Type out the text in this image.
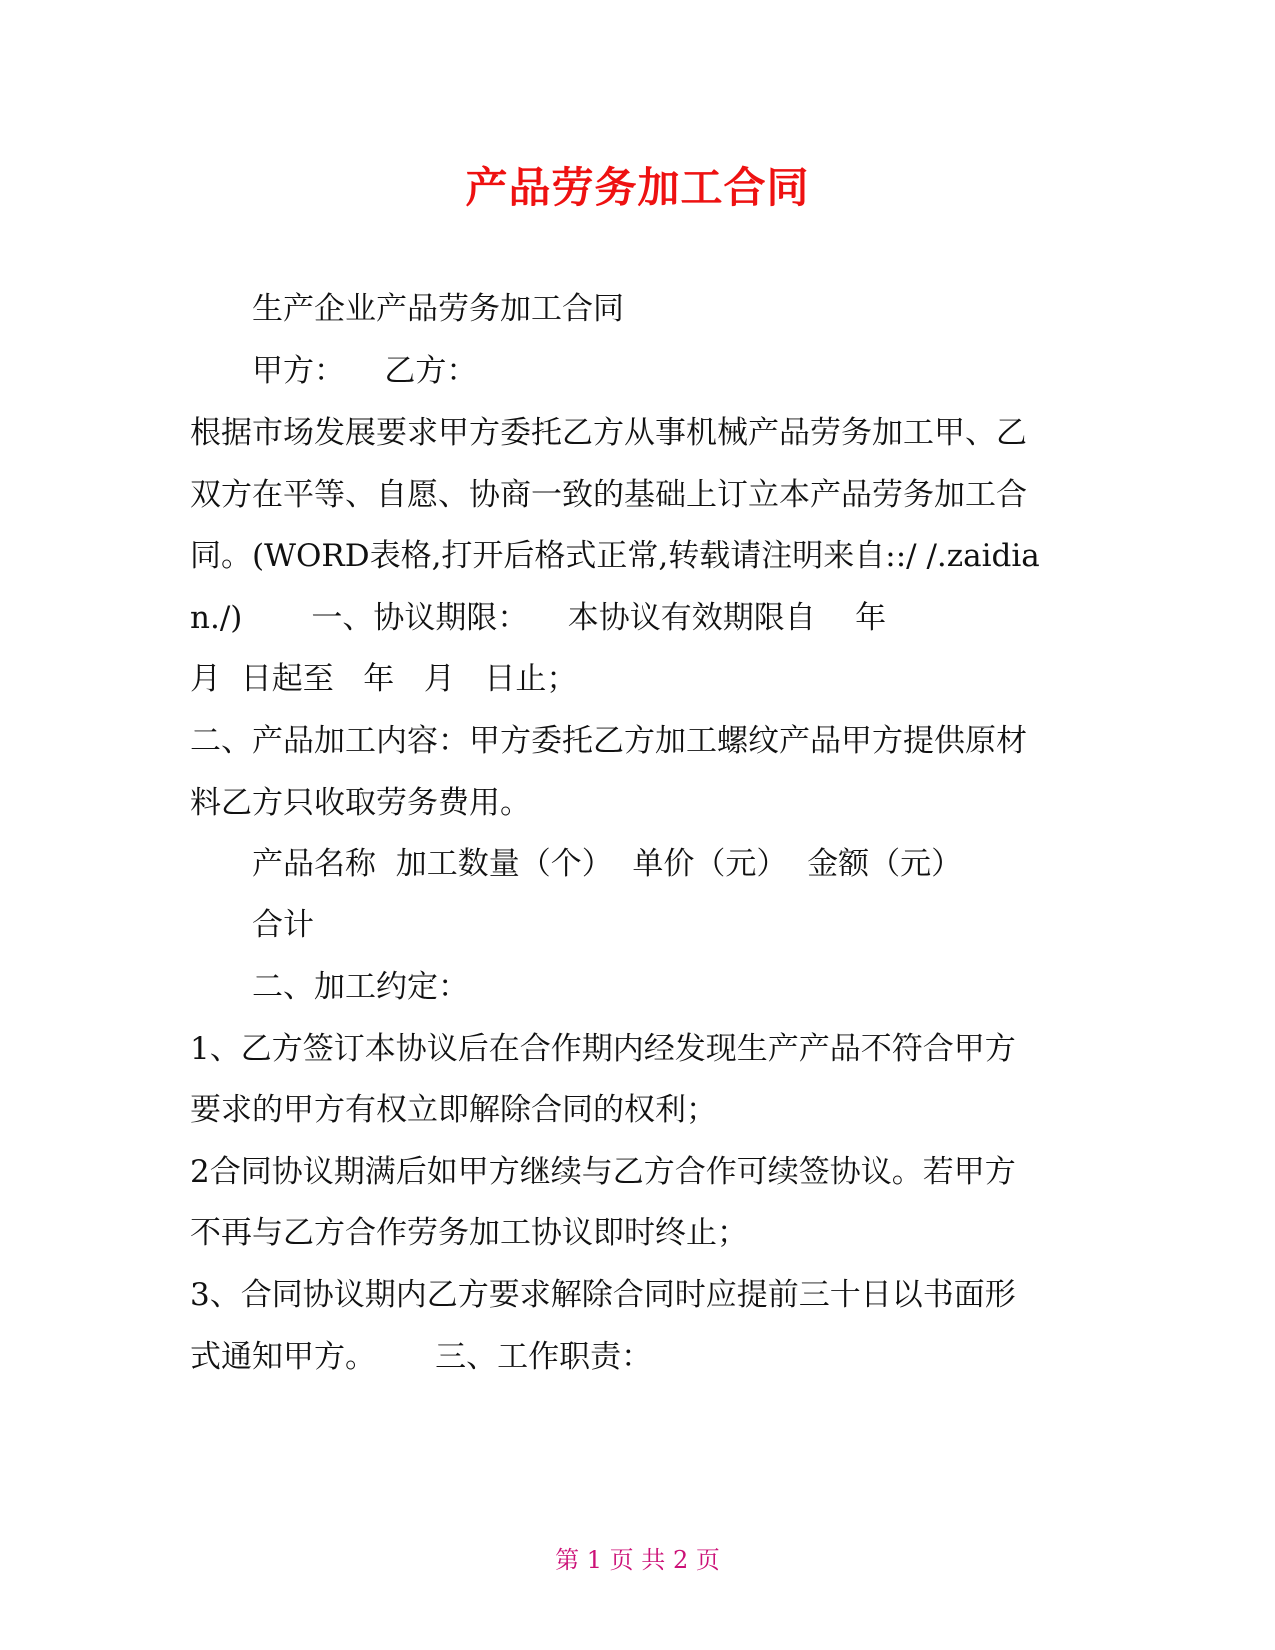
产品劳务加工合同
生产企业产品劳务加工合同
甲方：    乙方：
根据市场发展要求甲方委托乙方从事机械产品劳务加工甲、乙
双方在平等、自愿、协商一致的基础上订立本产品劳务加工合
同。(WORD表格,打开后格式正常,转载请注明来自::/ /.zaidia
n./)       一、协议期限：    本协议有效期限自    年
月  日起至   年   月   日止；
二、产品加工内容：甲方委托乙方加工螺纹产品甲方提供原材
料乙方只收取劳务费用。
产品名称  加工数量（个）  单价（元）  金额（元）
合计
二、加工约定：
1、乙方签订本协议后在合作期内经发现生产产品不符合甲方
要求的甲方有权立即解除合同的权利；
2合同协议期满后如甲方继续与乙方合作可续签协议。若甲方
不再与乙方合作劳务加工协议即时终止；
3、合同协议期内乙方要求解除合同时应提前三十日以书面形
式通知甲方。      三、工作职责：
第 1 页 共 2 页
